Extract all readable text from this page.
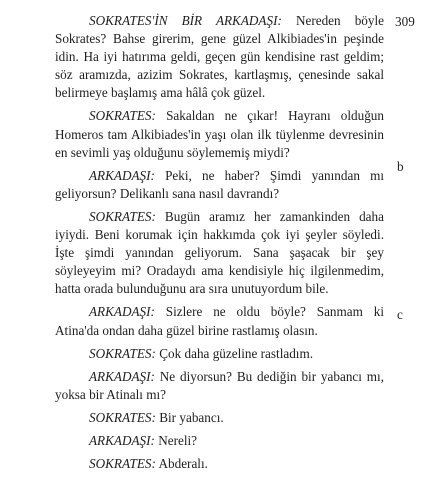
309
b
c

SOKRATES'İN BİR ARKADAŞI: Nereden böyle Sokrates? Bahse girerim, gene güzel Alkibiades'in peşinde idin. Ha iyi hatırıma geldi, geçen gün kendisine rast geldim; söz aramızda, azizim Sokrates, kartlaşmış, çenesinde sakal belirmeye başlamış ama hâlâ çok güzel.

SOKRATES: Sakaldan ne çıkar! Hayranı olduğun Homeros tam Alkibiades'in yaşı olan ilk tüylenme devresinin en sevimli yaş olduğunu söylememiş miydi?

ARKADAŞI: Peki, ne haber? Şimdi yanından mı geliyorsun? Delikanlı sana nasıl davrandı?

SOKRATES: Bugün aramız her zamankinden daha iyiydi. Beni korumak için hakkımda çok iyi şeyler söyledi. İşte şimdi yanından geliyorum. Sana şaşacak bir şey söyleyeyim mi? Oradaydı ama kendisiyle hiç ilgilenmedim, hatta orada bulunduğunu ara sıra unutuyordum bile.

ARKADAŞI: Sizlere ne oldu böyle? Sanmam ki Atina'da ondan daha güzel birine rastlamış olasın.

SOKRATES: Çok daha güzeline rastladım.

ARKADAŞI: Ne diyorsun? Bu dediğin bir yabancı mı, yoksa bir Atinalı mı?

SOKRATES: Bir yabancı.

ARKADAŞI: Nereli?

SOKRATES: Abderalı.
